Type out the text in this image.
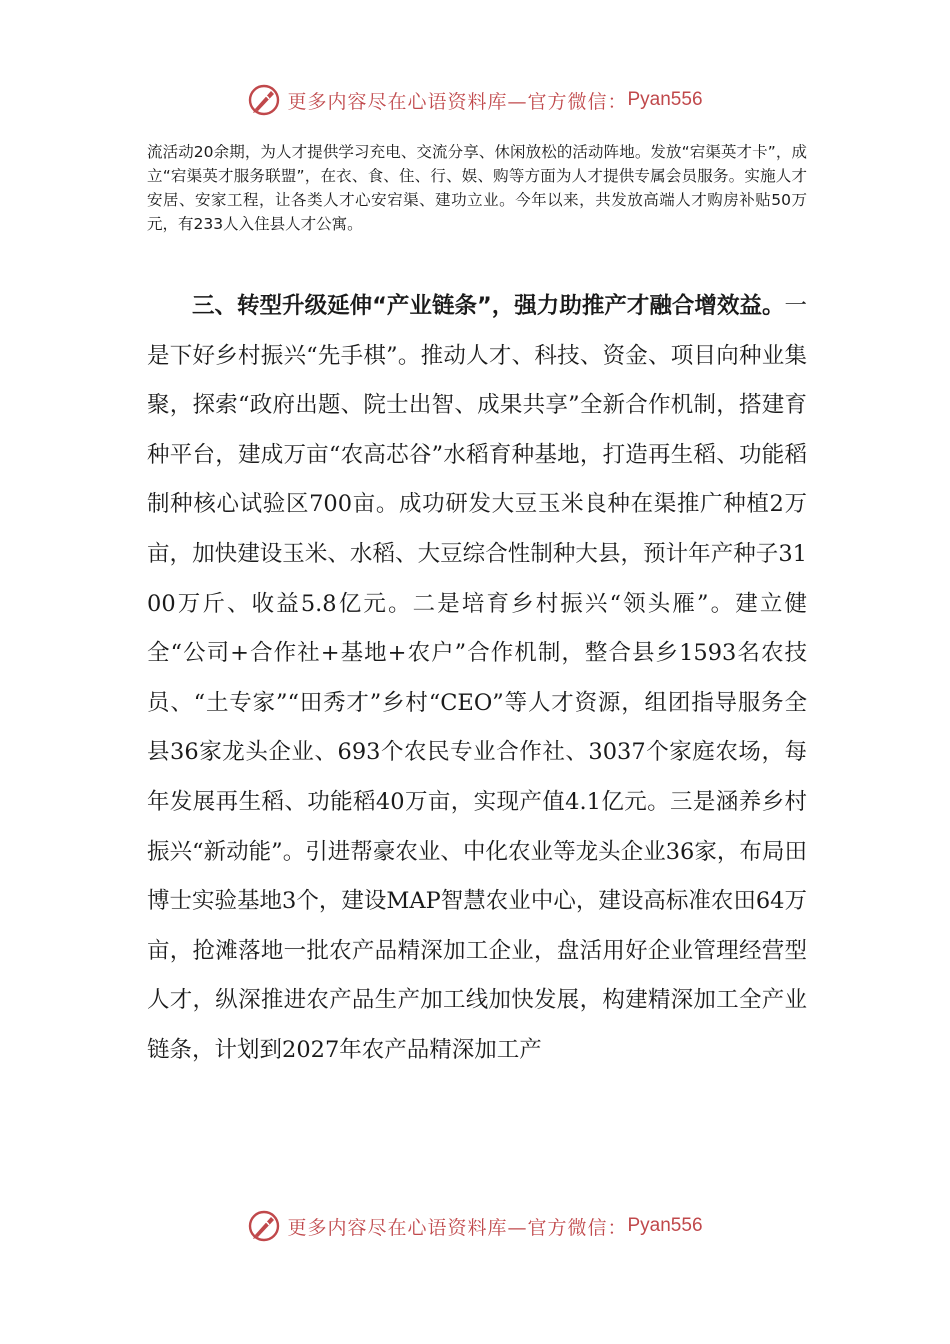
更多内容尽在心语资料库—官方微信： Pyan556
流活动20余期，为人才提供学习充电、交流分享、休闲放松的活动阵地。发放“宕渠英才卡”，成立“宕渠英才服务联盟”，在衣、食、住、行、娱、购等方面为人才提供专属会员服务。实施人才安居、安家工程，让各类人才心安宕渠、建功立业。今年以来，共发放高端人才购房补贴50万元，有233人入住县人才公寓。
三、转型升级延伸“产业链条”，强力助推产才融合增效益。一是下好乡村振兴“先手棋”。推动人才、科技、资金、项目向种业集聚，探索“政府出题、院士出智、成果共享”全新合作机制，搭建育种平台，建成万亩“农高芯谷”水稻育种基地，打造再生稻、功能稻制种核心试验区700亩。成功研发大豆玉米良种在渠推广种植2万亩，加快建设玉米、水稻、大豆综合性制种大县，预计年产种子3100万斤、收益5.8亿元。二是培育乡村振兴“领头雁”。建立健全“公司+合作社+基地+农户”合作机制，整合县乡1593名农技员、“土专家”“田秀才”乡村“CEO”等人才资源，组团指导服务全县36家龙头企业、693个农民专业合作社、3037个家庭农场，每年发展再生稻、功能稻40万亩，实现产值4.1亿元。三是涵养乡村振兴“新动能”。引进帮豪农业、中化农业等龙头企业36家，布局田博士实验基地3个，建设MAP智慧农业中心，建设高标准农田64万亩，抢滩落地一批农产品精深加工企业，盘活用好企业管理经营型人才，纵深推进农产品生产加工线加快发展，构建精深加工全产业链条，计划到2027年农产品精深加工产
更多内容尽在心语资料库—官方微信： Pyan556
